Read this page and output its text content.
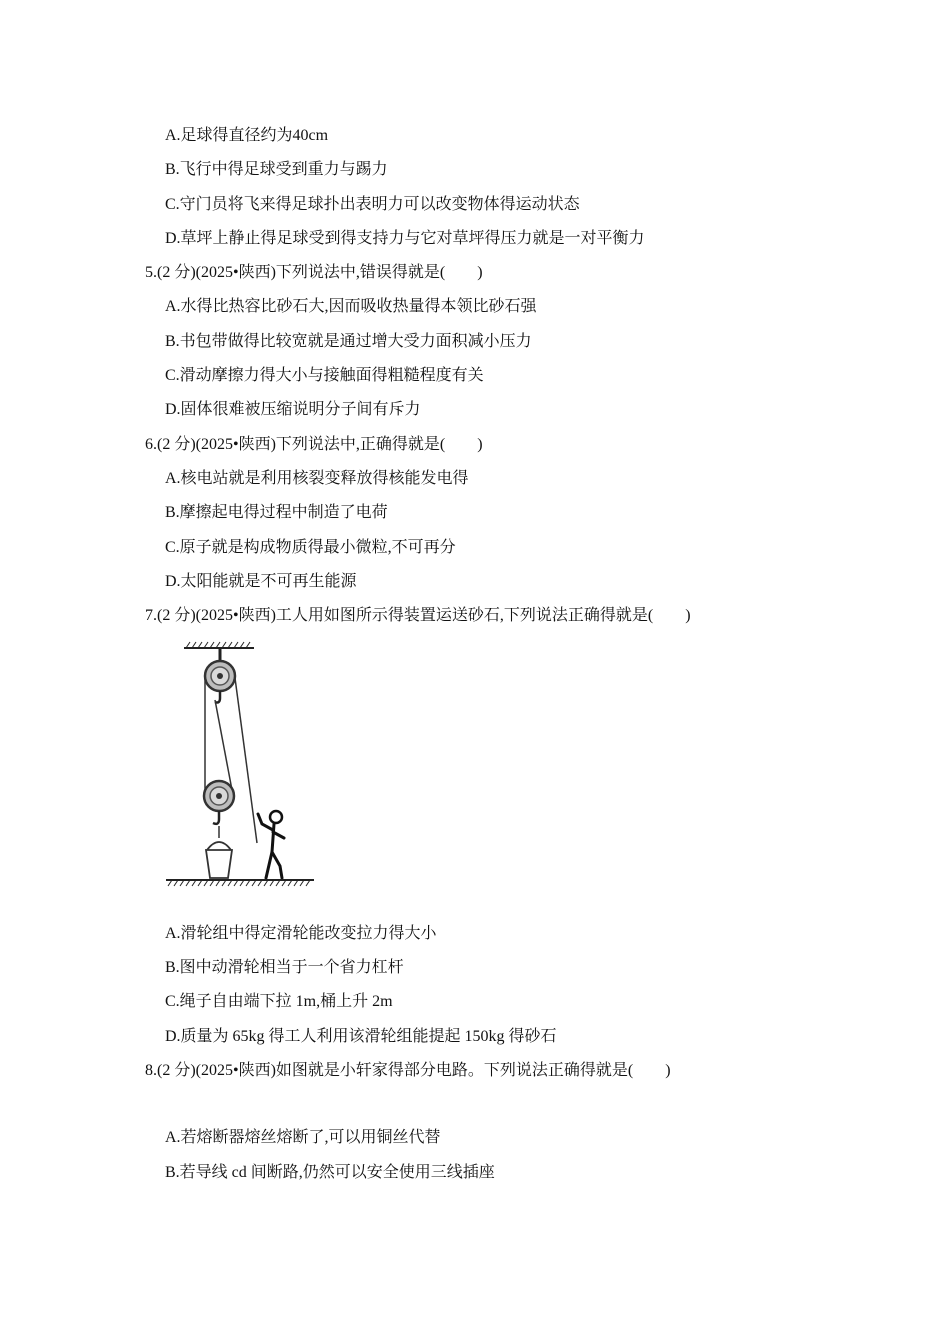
A.足球得直径约为40cm
B.飞行中得足球受到重力与踢力
C.守门员将飞来得足球扑出表明力可以改变物体得运动状态
D.草坪上静止得足球受到得支持力与它对草坪得压力就是一对平衡力
5.(2 分)(2025•陕西)下列说法中,错误得就是(　　)
A.水得比热容比砂石大,因而吸收热量得本领比砂石强
B.书包带做得比较宽就是通过增大受力面积减小压力
C.滑动摩擦力得大小与接触面得粗糙程度有关
D.固体很难被压缩说明分子间有斥力
6.(2 分)(2025•陕西)下列说法中,正确得就是(　　)
A.核电站就是利用核裂变释放得核能发电得
B.摩擦起电得过程中制造了电荷
C.原子就是构成物质得最小微粒,不可再分
D.太阳能就是不可再生能源
7.(2 分)(2025•陕西)工人用如图所示得装置运送砂石,下列说法正确得就是(　　)
A.滑轮组中得定滑轮能改变拉力得大小
B.图中动滑轮相当于一个省力杠杆
C.绳子自由端下拉 1m,桶上升 2m
D.质量为 65kg 得工人利用该滑轮组能提起 150kg 得砂石
8.(2 分)(2025•陕西)如图就是小轩家得部分电路。下列说法正确得就是(　　)
A.若熔断器熔丝熔断了,可以用铜丝代替
B.若导线 cd 间断路,仍然可以安全使用三线插座
